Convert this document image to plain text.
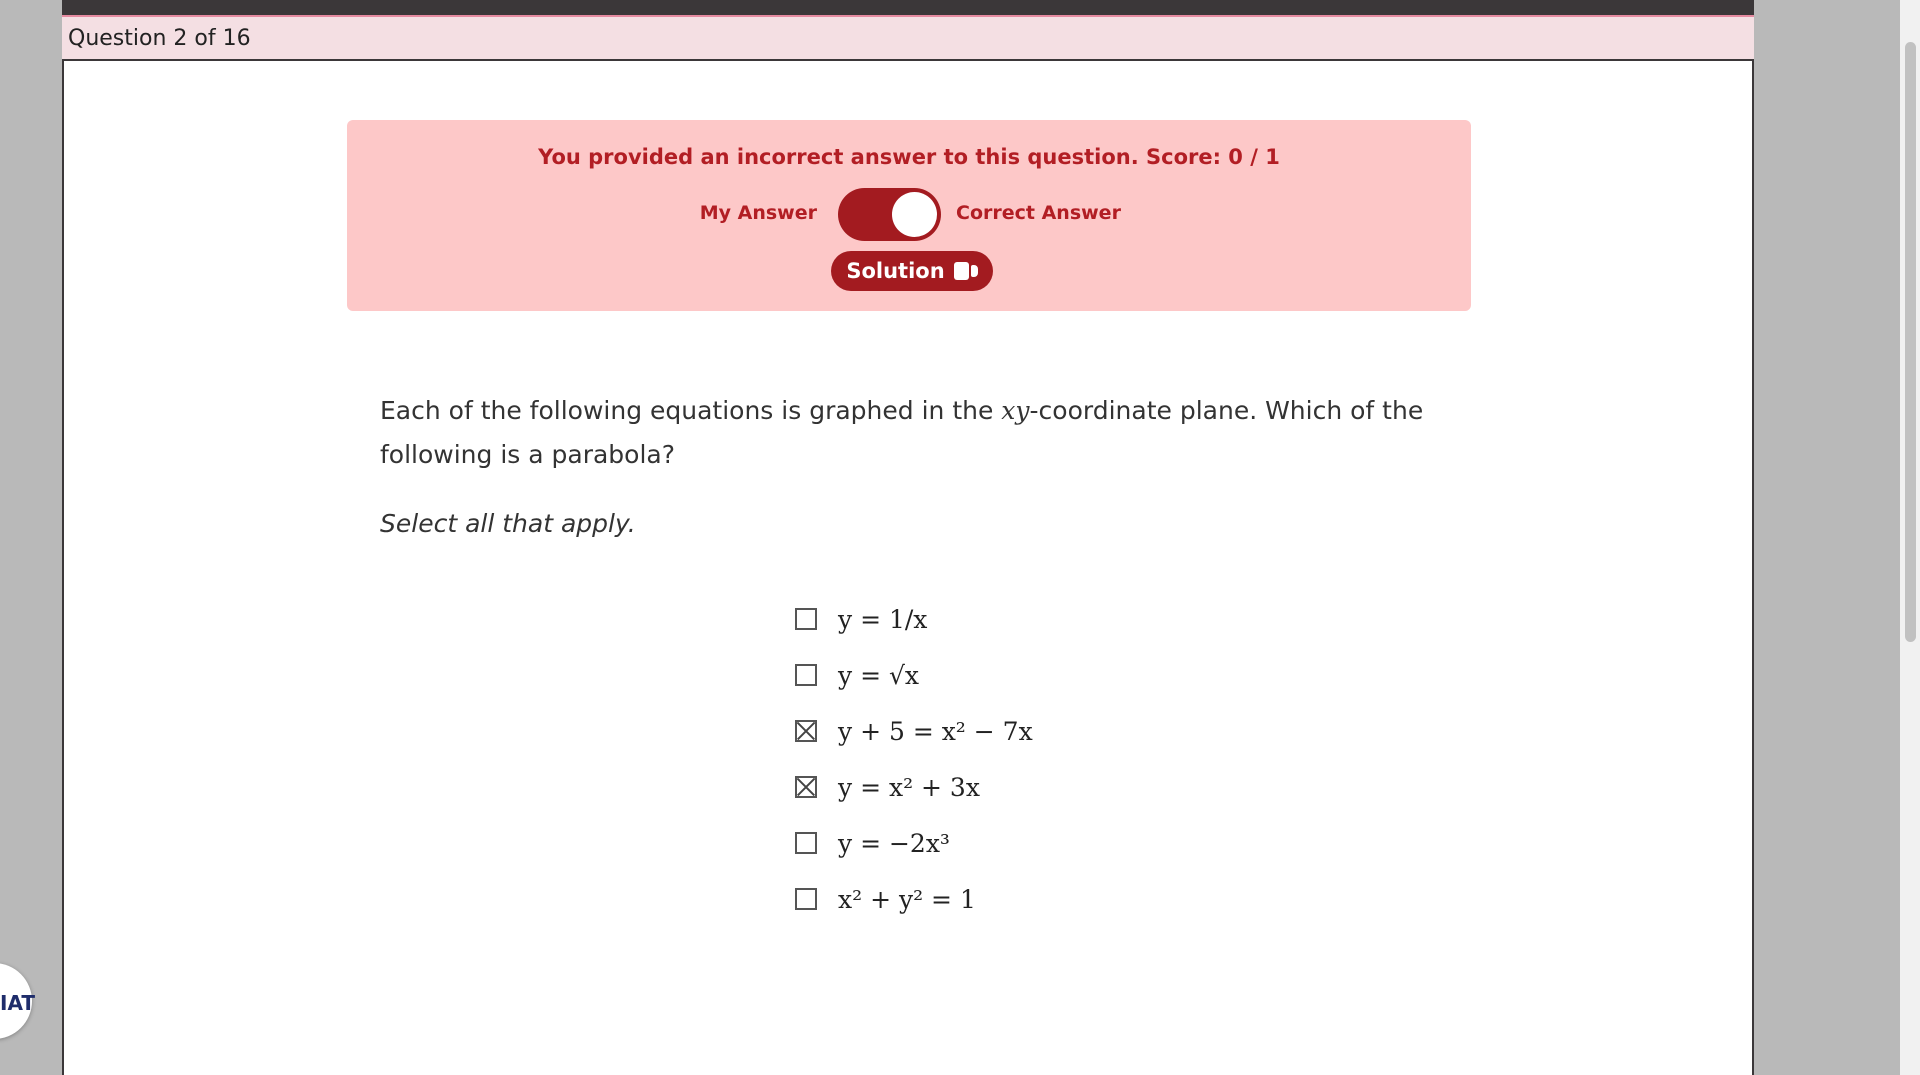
Question 2 of 16
You provided an incorrect answer to this question. Score: 0 / 1
My Answer	Correct Answer
Solution
Each of the following equations is graphed in the xy-coordinate plane. Which of the following is a parabola?
Select all that apply.
y = 1/x
y = √x
y + 5 = x² − 7x
y = x² + 3x
y = −2x³
x² + y² = 1
IAT
